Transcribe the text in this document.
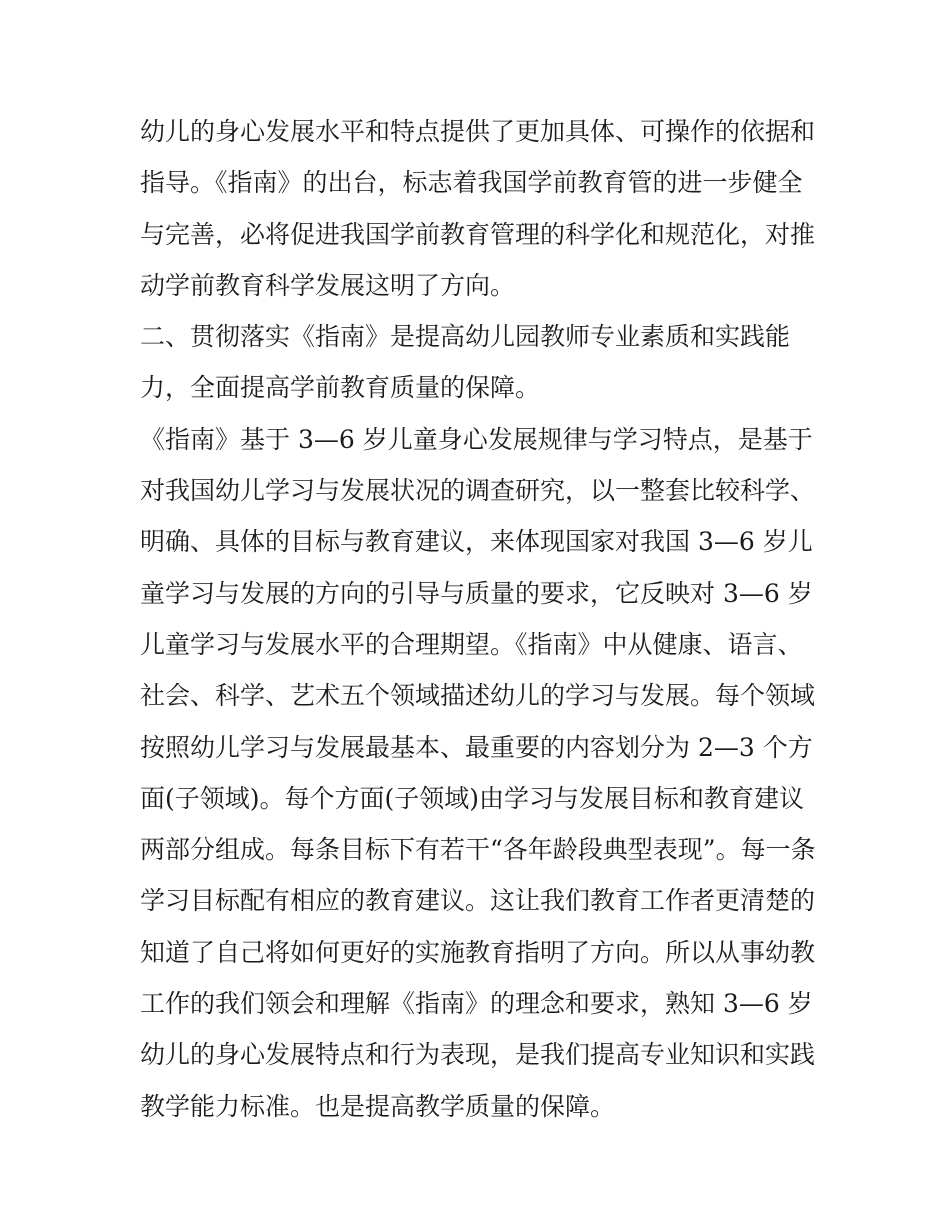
幼儿的身心发展水平和特点提供了更加具体、可操作的依据和
指导。《指南》的出台，标志着我国学前教育管的进一步健全
与完善，必将促进我国学前教育管理的科学化和规范化，对推
动学前教育科学发展这明了方向。
二、贯彻落实《指南》是提高幼儿园教师专业素质和实践能
力，全面提高学前教育质量的保障。
《指南》基于 3—6 岁儿童身心发展规律与学习特点，是基于
对我国幼儿学习与发展状况的调查研究，以一整套比较科学、
明确、具体的目标与教育建议，来体现国家对我国 3—6 岁儿
童学习与发展的方向的引导与质量的要求，它反映对 3—6 岁
儿童学习与发展水平的合理期望。《指南》中从健康、语言、
社会、科学、艺术五个领域描述幼儿的学习与发展。每个领域
按照幼儿学习与发展最基本、最重要的内容划分为 2—3 个方
面(子领域)。每个方面(子领域)由学习与发展目标和教育建议
两部分组成。每条目标下有若干“各年龄段典型表现”。每一条
学习目标配有相应的教育建议。这让我们教育工作者更清楚的
知道了自己将如何更好的实施教育指明了方向。所以从事幼教
工作的我们领会和理解《指南》的理念和要求，熟知 3—6 岁
幼儿的身心发展特点和行为表现，是我们提高专业知识和实践
教学能力标准。也是提高教学质量的保障。
